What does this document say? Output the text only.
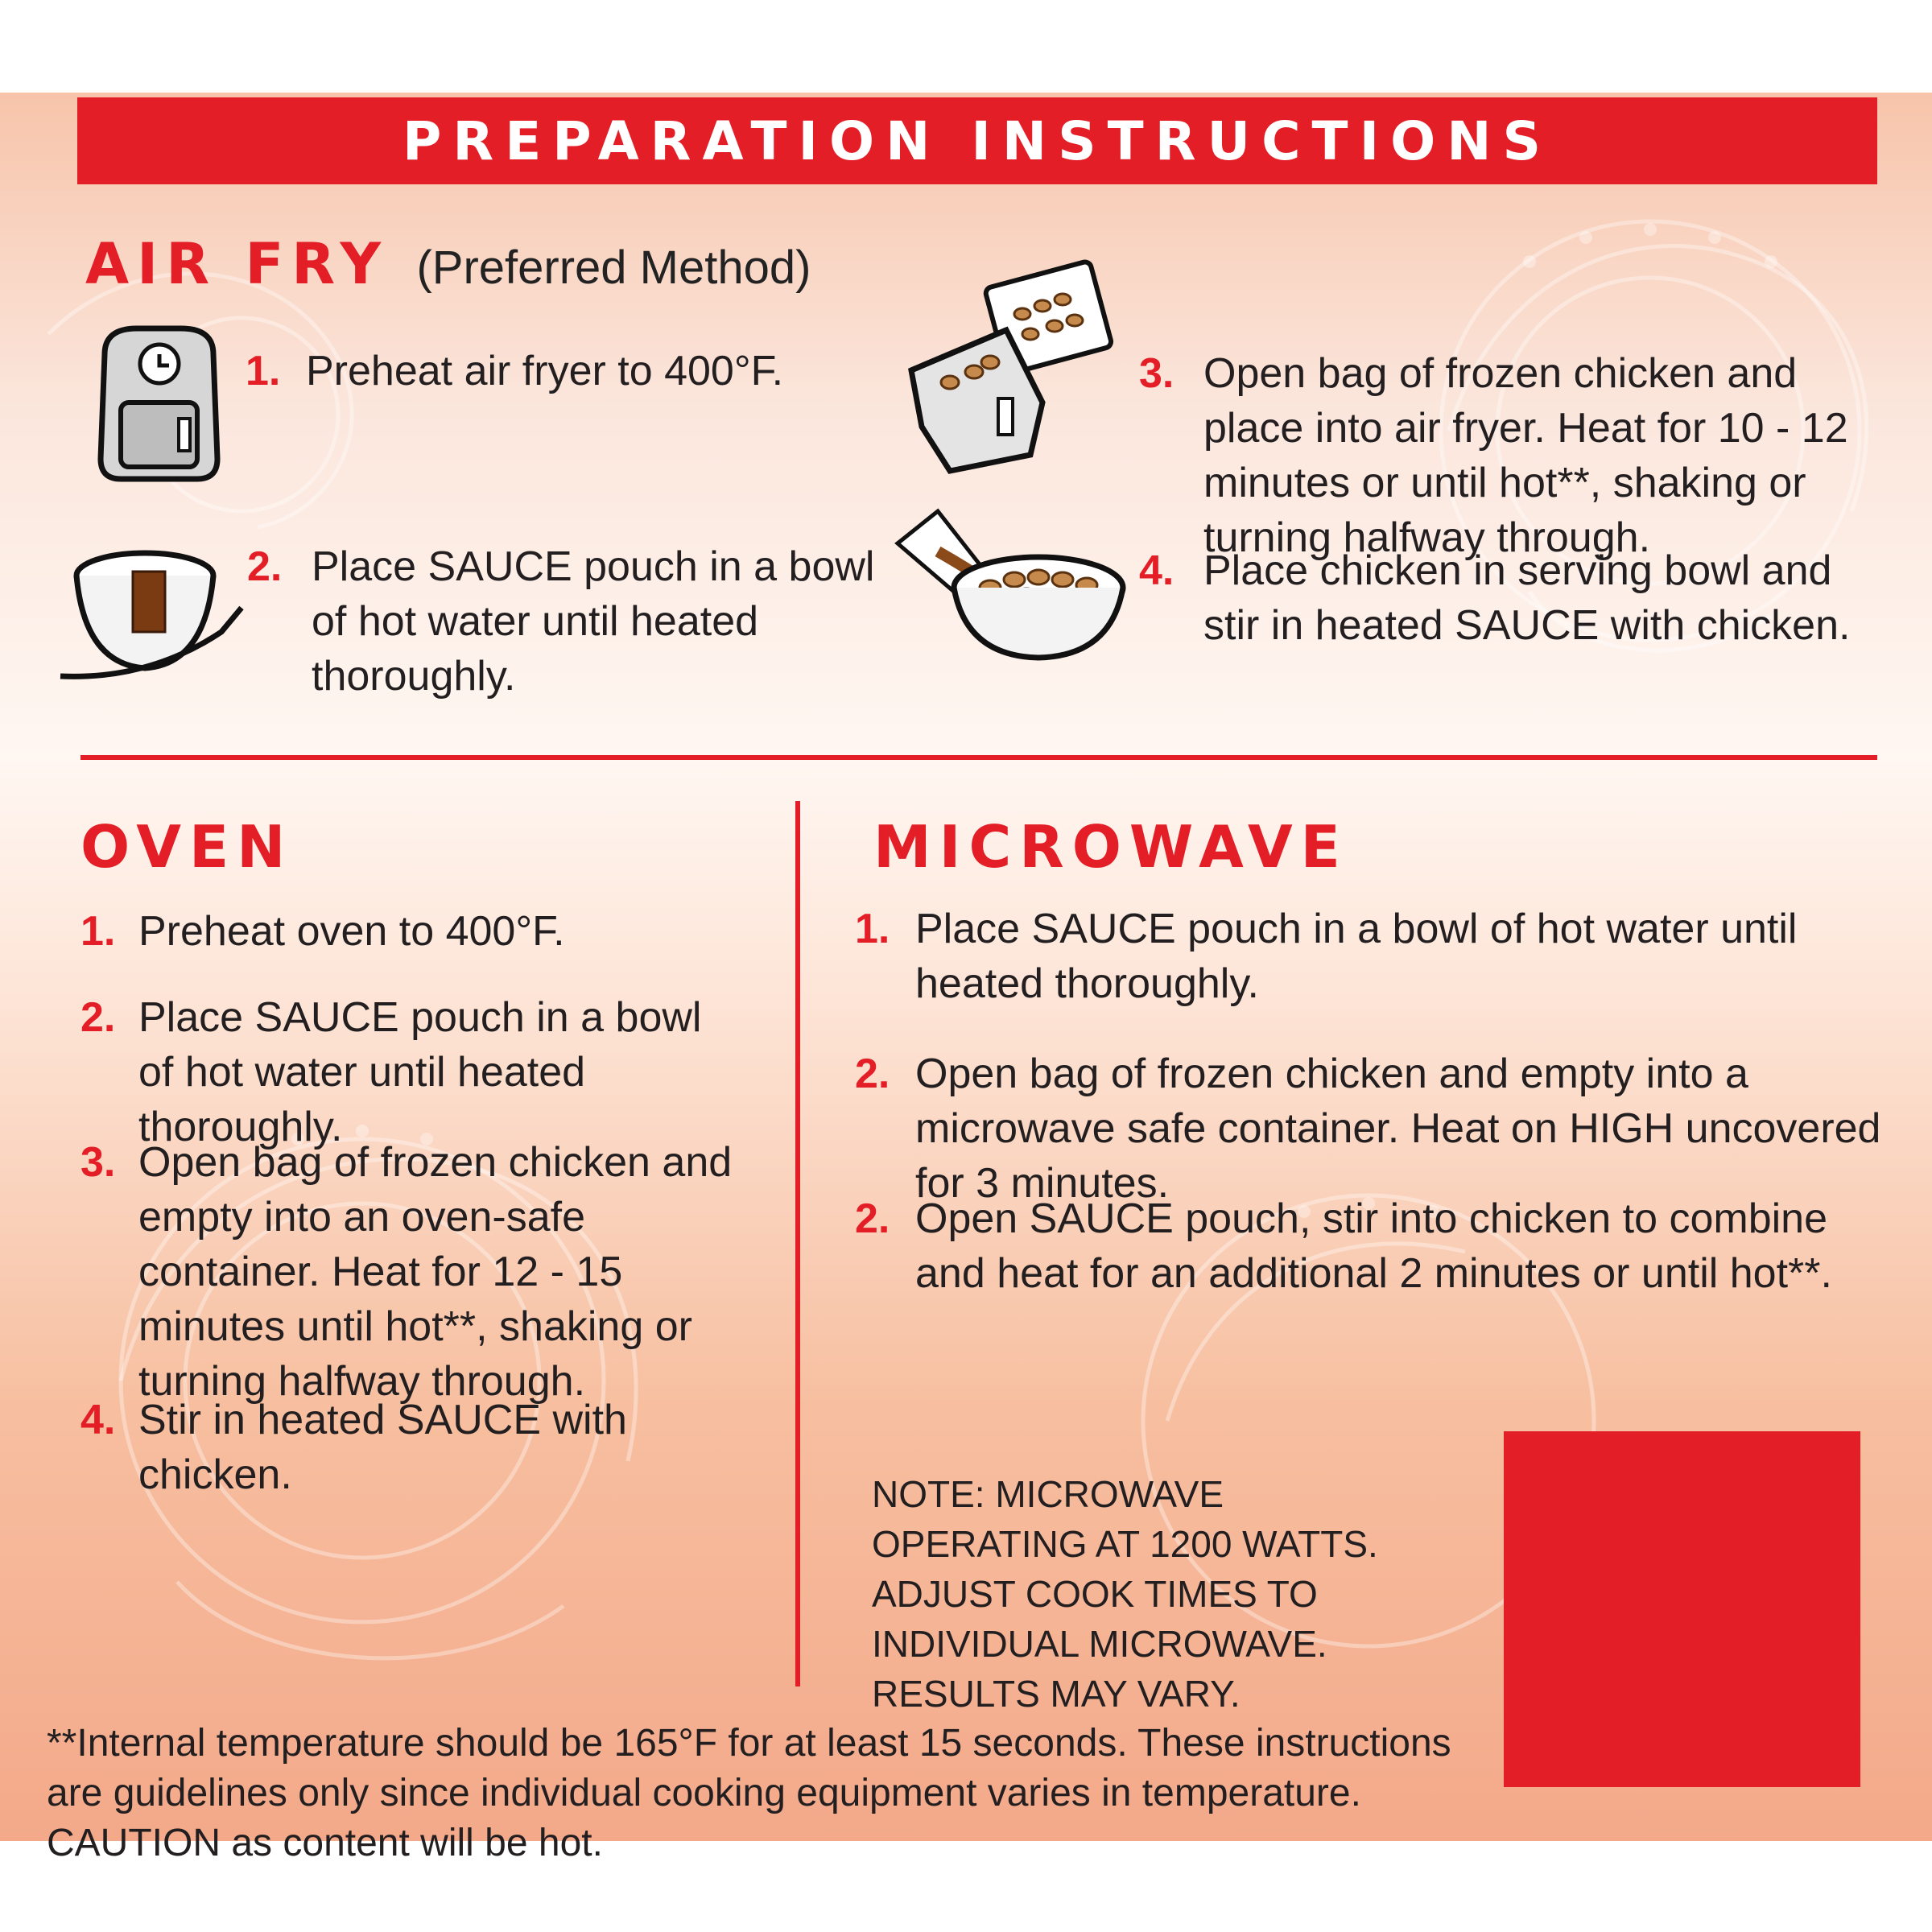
PREPARATION INSTRUCTIONS
AIR FRY (Preferred Method)
1. Preheat air fryer to 400°F.
2. Place SAUCE pouch in a bowl of hot water until heated thoroughly.
3. Open bag of frozen chicken and place into air fryer. Heat for 10 - 12 minutes or until hot**, shaking or turning halfway through.
4. Place chicken in serving bowl and stir in heated SAUCE with chicken.
OVEN
1. Preheat oven to 400°F.
2. Place SAUCE pouch in a bowl of hot water until heated thoroughly.
3. Open bag of frozen chicken and empty into an oven-safe container. Heat for 12 - 15 minutes until hot**, shaking or turning halfway through.
4. Stir in heated SAUCE with chicken.
MICROWAVE
1. Place SAUCE pouch in a bowl of hot water until heated thoroughly.
2. Open bag of frozen chicken and empty into a microwave safe container. Heat on HIGH uncovered for 3 minutes.
2. Open SAUCE pouch, stir into chicken to combine and heat for an additional 2 minutes or until hot**.
NOTE: MICROWAVE OPERATING AT 1200 WATTS. ADJUST COOK TIMES TO INDIVIDUAL MICROWAVE. RESULTS MAY VARY.
**Internal temperature should be 165°F for at least 15 seconds. These instructions are guidelines only since individual cooking equipment varies in temperature. CAUTION as content will be hot.
